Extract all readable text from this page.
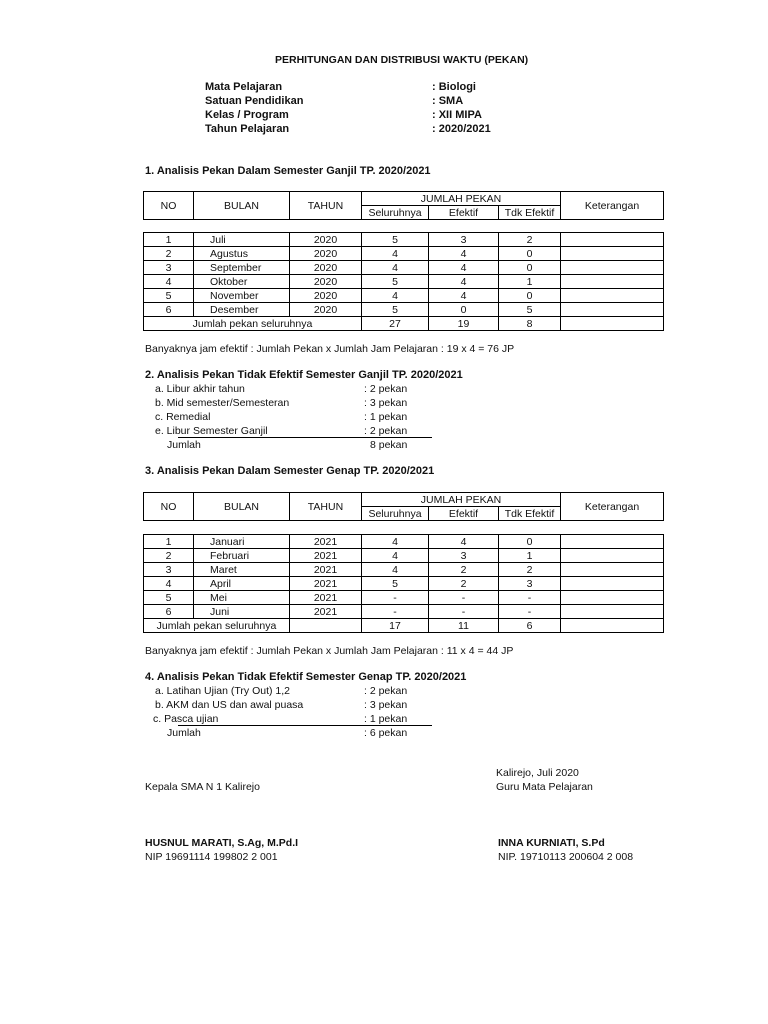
PERHITUNGAN DAN DISTRIBUSI WAKTU (PEKAN)
Mata Pelajaran	: Biologi
Satuan Pendidikan	: SMA
Kelas / Program	: XII MIPA
Tahun Pelajaran	: 2020/2021
1. Analisis Pekan Dalam Semester Ganjil TP. 2020/2021
NO	BULAN	TAHUN	JUMLAH PEKAN			Keterangan
			Seluruhnya	Efektif	Tdk Efektif	
1	Juli	2020	5	3	2	
2	Agustus	2020	4	4	0	
3	September	2020	4	4	0	
4	Oktober	2020	5	4	1	
5	November	2020	4	4	0	
6	Desember	2020	5	0	5	
Jumlah pekan seluruhnya			27	19	8	
Banyaknya jam efektif : Jumlah Pekan x Jumlah Jam Pelajaran : 19 x 4 = 76 JP
2. Analisis Pekan Tidak Efektif Semester Ganjil TP. 2020/2021
a. Libur akhir tahun	: 2 pekan
b. Mid semester/Semesteran	: 3 pekan
c. Remedial	: 1 pekan
e. Libur Semester Ganjil	: 2 pekan
Jumlah	8 pekan
3. Analisis Pekan Dalam Semester Genap TP. 2020/2021
NO	BULAN	TAHUN	JUMLAH PEKAN			Keterangan
			Seluruhnya	Efektif	Tdk Efektif	
1	Januari	2021	4	4	0	
2	Februari	2021	4	3	1	
3	Maret	2021	4	2	2	
4	April	2021	5	2	3	
5	Mei	2021	-	-	-	
6	Juni	2021	-	-	-	
Jumlah pekan seluruhnya			17	11	6	
Banyaknya jam efektif : Jumlah Pekan x Jumlah Jam Pelajaran : 11 x 4 = 44 JP
4. Analisis Pekan Tidak Efektif Semester Genap TP. 2020/2021
a. Latihan Ujian (Try Out) 1,2	: 2 pekan
b. AKM dan US dan awal puasa	: 3 pekan
c. Pasca ujian	: 1 pekan
Jumlah	: 6 pekan
Kalirejo, Juli 2020
Kepala SMA N 1 Kalirejo	Guru Mata Pelajaran
HUSNUL MARATI, S.Ag, M.Pd.I	INNA KURNIATI, S.Pd
NIP 19691114 199802 2 001	NIP. 19710113 200604 2 008
